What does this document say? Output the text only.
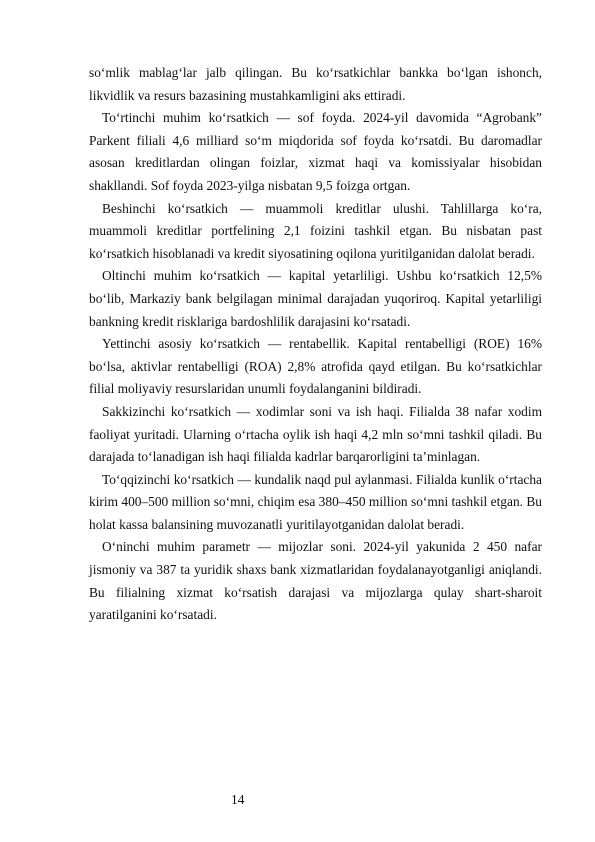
so‘mlik mablag‘lar jalb qilingan. Bu ko‘rsatkichlar bankka bo‘lgan ishonch, likvidlik va resurs bazasining mustahkamligini aks ettiradi.

To‘rtinchi muhim ko‘rsatkich — sof foyda. 2024-yil davomida “Agrobank” Parkent filiali 4,6 milliard so‘m miqdorida sof foyda ko‘rsatdi. Bu daromadlar asosan kreditlardan olingan foizlar, xizmat haqi va komissiyalar hisobidan shakllandi. Sof foyda 2023-yilga nisbatan 9,5 foizga ortgan.

Beshinchi ko‘rsatkich — muammoli kreditlar ulushi. Tahlillarga ko‘ra, muammoli kreditlar portfelining 2,1 foizini tashkil etgan. Bu nisbatan past ko‘rsatkich hisoblanadi va kredit siyosatining oqilona yuritilganidan dalolat beradi.

Oltinchi muhim ko‘rsatkich — kapital yetarliligi. Ushbu ko‘rsatkich 12,5% bo‘lib, Markaziy bank belgilagan minimal darajadan yuqoriroq. Kapital yetarliligi bankning kredit risklariga bardoshlilik darajasini ko‘rsatadi.

Yettinchi asosiy ko‘rsatkich — rentabellik. Kapital rentabelligi (ROE) 16% bo‘lsa, aktivlar rentabelligi (ROA) 2,8% atrofida qayd etilgan. Bu ko‘rsatkichlar filial moliyaviy resurslaridan unumli foydalanganini bildiradi.

Sakkizinchi ko‘rsatkich — xodimlar soni va ish haqi. Filialda 38 nafar xodim faoliyat yuritadi. Ularning o‘rtacha oylik ish haqi 4,2 mln so‘mni tashkil qiladi. Bu darajada to‘lanadigan ish haqi filialda kadrlar barqarorligini ta’minlagan.

To‘qqizinchi ko‘rsatkich — kundalik naqd pul aylanmasi. Filialda kunlik o‘rtacha kirim 400–500 million so‘mni, chiqim esa 380–450 million so‘mni tashkil etgan. Bu holat kassa balansining muvozanatli yuritilayotganidan dalolat beradi.

O‘ninchi muhim parametr — mijozlar soni. 2024-yil yakunida 2 450 nafar jismoniy va 387 ta yuridik shaxs bank xizmatlaridan foydalanayotganligi aniqlandi. Bu filialning xizmat ko‘rsatish darajasi va mijozlarga qulay shart-sharoit yaratilganini ko‘rsatadi.

14
